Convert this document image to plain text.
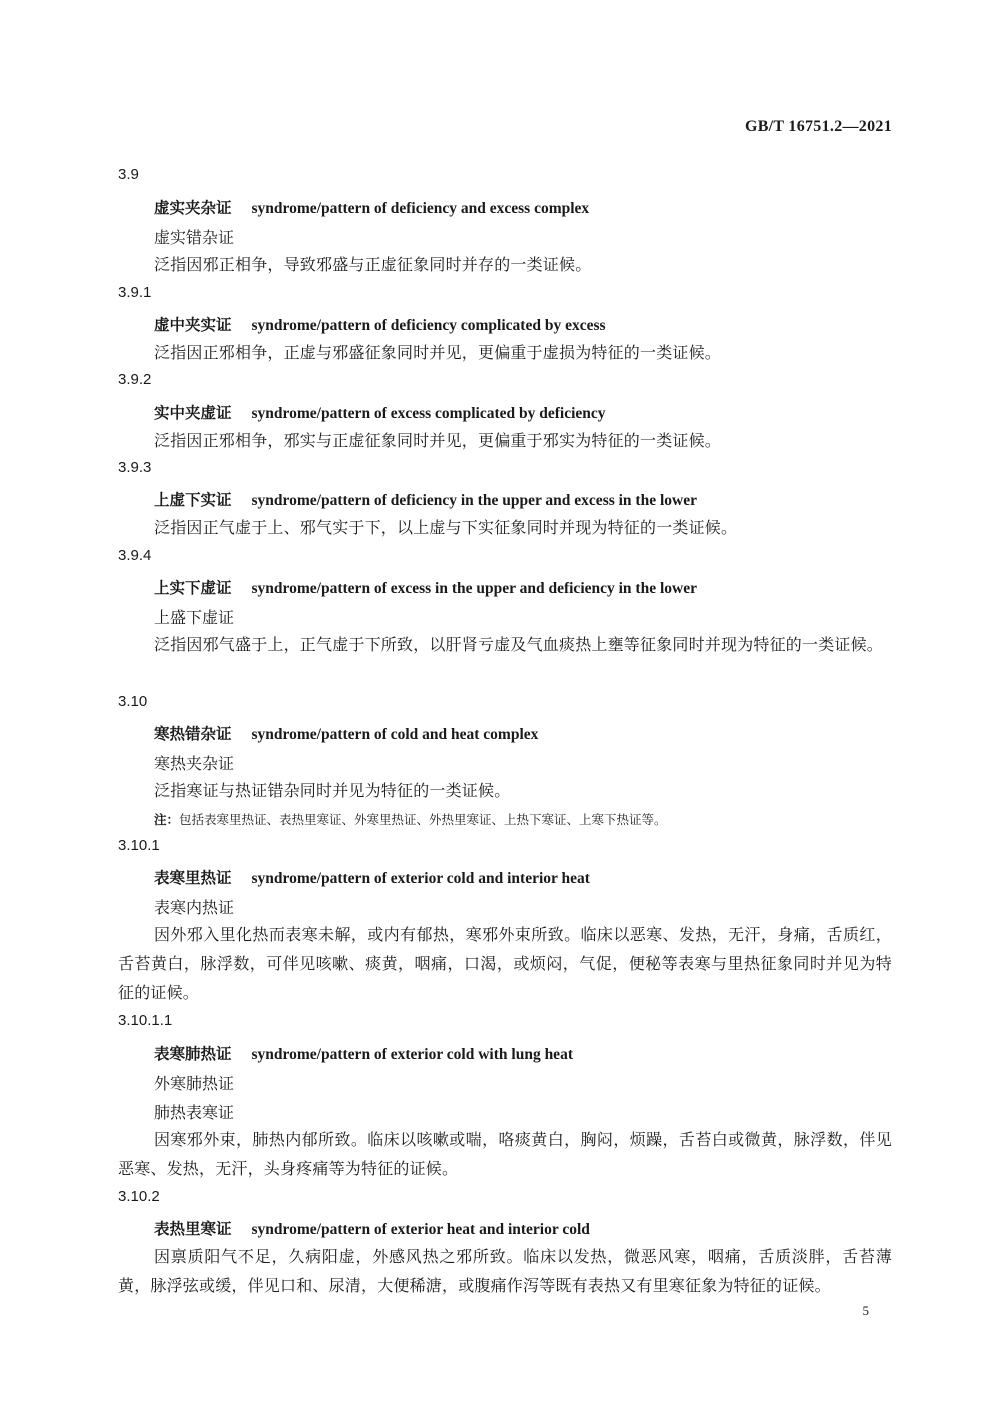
GB/T 16751.2—2021
3.9
虚实夹杂证 syndrome/pattern of deficiency and excess complex
虚实错杂证
泛指因邪正相争，导致邪盛与正虚征象同时并存的一类证候。
3.9.1
虚中夹实证 syndrome/pattern of deficiency complicated by excess
泛指因正邪相争，正虚与邪盛征象同时并见，更偏重于虚损为特征的一类证候。
3.9.2
实中夹虚证 syndrome/pattern of excess complicated by deficiency
泛指因正邪相争，邪实与正虚征象同时并见，更偏重于邪实为特征的一类证候。
3.9.3
上虚下实证 syndrome/pattern of deficiency in the upper and excess in the lower
泛指因正气虚于上、邪气实于下，以上虚与下实征象同时并现为特征的一类证候。
3.9.4
上实下虚证 syndrome/pattern of excess in the upper and deficiency in the lower
上盛下虚证
泛指因邪气盛于上，正气虚于下所致，以肝肾亏虚及气血痰热上壅等征象同时并现为特征的一类证候。
3.10
寒热错杂证 syndrome/pattern of cold and heat complex
寒热夹杂证
泛指寒证与热证错杂同时并见为特征的一类证候。
注：包括表寒里热证、表热里寒证、外寒里热证、外热里寒证、上热下寒证、上寒下热证等。
3.10.1
表寒里热证 syndrome/pattern of exterior cold and interior heat
表寒内热证
因外邪入里化热而表寒未解，或内有郁热，寒邪外束所致。临床以恶寒、发热，无汗，身痛，舌质红，舌苔黄白，脉浮数，可伴见咳嗽、痰黄，咽痛，口渴，或烦闷，气促，便秘等表寒与里热征象同时并见为特征的证候。
3.10.1.1
表寒肺热证 syndrome/pattern of exterior cold with lung heat
外寒肺热证
肺热表寒证
因寒邪外束，肺热内郁所致。临床以咳嗽或喘，咯痰黄白，胸闷，烦躁，舌苔白或微黄，脉浮数，伴见恶寒、发热，无汗，头身疼痛等为特征的证候。
3.10.2
表热里寒证 syndrome/pattern of exterior heat and interior cold
因禀质阳气不足，久病阳虚，外感风热之邪所致。临床以发热，微恶风寒，咽痛，舌质淡胖，舌苔薄黄，脉浮弦或缓，伴见口和、尿清，大便稀溏，或腹痛作泻等既有表热又有里寒征象为特征的证候。
5
